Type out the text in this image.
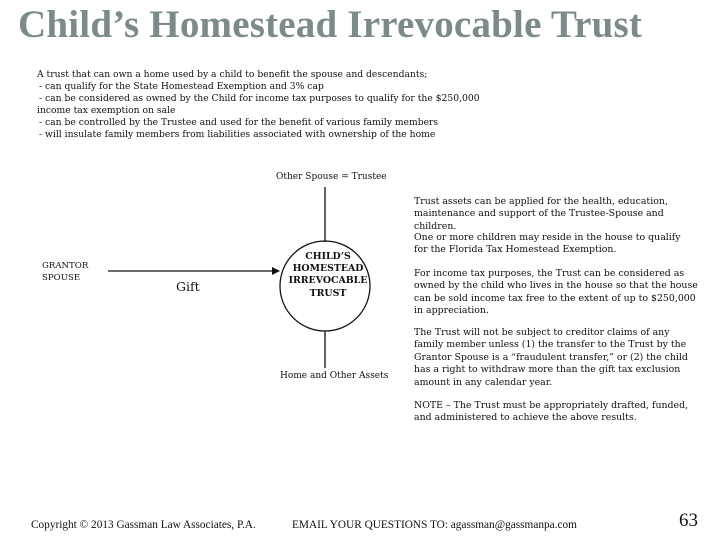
Child’s Homestead Irrevocable Trust
A trust that can own a home used by a child to benefit the spouse and descendants;
- can qualify for the State Homestead Exemption and 3% cap
- can be considered as owned by the Child for income tax purposes to qualify for the $250,000
income tax exemption on sale
- can be controlled by the Trustee and used for the benefit of various family members
- will insulate family members from liabilities associated with ownership of the home
Other Spouse = Trustee
GRANTOR
SPOUSE
Gift
CHILD’S
HOMESTEAD
IRREVOCABLE
TRUST
Home and Other Assets
Trust assets can be applied for the health, education, maintenance and support of the Trustee-Spouse and children.
One or more children may reside in the house to qualify for the Florida Tax Homestead Exemption.
For income tax purposes, the Trust can be considered as owned by the child who lives in the house so that the house can be sold income tax free to the extent of up to $250,000 in appreciation.
The Trust will not be subject to creditor claims of any family member unless (1) the transfer to the Trust by the Grantor Spouse is a “fraudulent transfer,” or (2) the child has a right to withdraw more than the gift tax exclusion amount in any calendar year.
NOTE – The Trust must be appropriately drafted, funded, and administered to achieve the above results.
Copyright © 2013 Gassman Law Associates, P.A.	EMAIL YOUR QUESTIONS TO: agassman@gassmanpa.com	63
